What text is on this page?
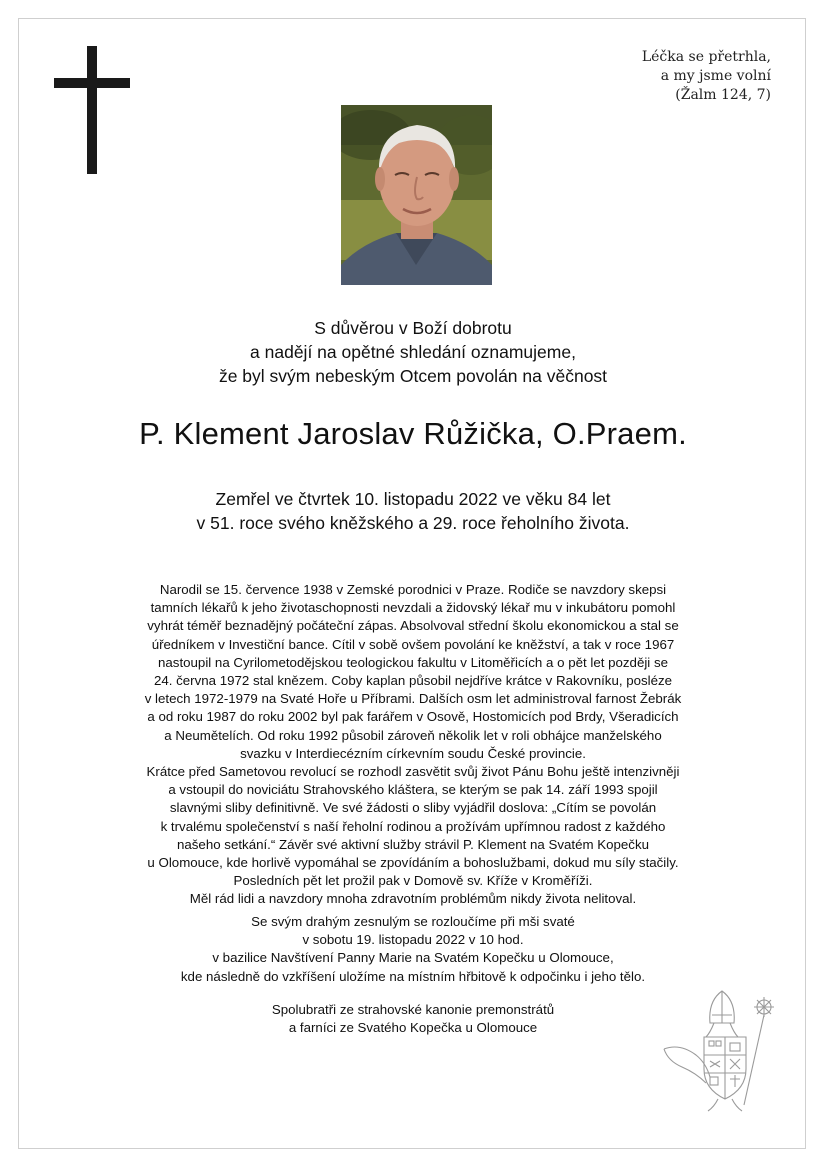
Léčka se přetrhla,
a my jsme volní
(Žalm 124, 7)
S důvěrou v Boží dobrotu
a nadějí na opětné shledání oznamujeme,
že byl svým nebeským Otcem povolán na věčnost
P. Klement Jaroslav Růžička, O.Praem.
Zemřel ve čtvrtek 10. listopadu 2022 ve věku 84 let
v 51. roce svého kněžského a 29. roce řeholního života.
Narodil se 15. července 1938 v Zemské porodnici v Praze. Rodiče se navzdory skepsi
tamních lékařů k jeho životaschopnosti nevzdali a židovský lékař mu v inkubátoru pomohl
vyhrát téměř beznadějný počáteční zápas. Absolvoval střední školu ekonomickou a stal se
úředníkem v Investiční bance. Cítil v sobě ovšem povolání ke kněžství, a tak v roce 1967
nastoupil na Cyrilometodějskou teologickou fakultu v Litoměřicích a o pět let později se
24. června 1972 stal knězem. Coby kaplan působil nejdříve krátce v Rakovníku, posléze
v letech 1972-1979 na Svaté Hoře u Příbrami. Dalších osm let administroval farnost Žebrák
a od roku 1987 do roku 2002 byl pak farářem v Osově, Hostomicích pod Brdy, Všeradicích
a Neumětelích. Od roku 1992 působil zároveň několik let v roli obhájce manželského
svazku v Interdiecézním církevním soudu České provincie.
Krátce před Sametovou revolucí se rozhodl zasvětit svůj život Pánu Bohu ještě intenzivněji
a vstoupil do noviciátu Strahovského kláštera, se kterým se pak 14. září 1993 spojil
slavnými sliby definitivně. Ve své žádosti o sliby vyjádřil doslova: „Cítím se povolán
k trvalému společenství s naší řeholní rodinou a prožívám upřímnou radost z každého
našeho setkání.“ Závěr své aktivní služby strávil P. Klement na Svatém Kopečku
u Olomouce, kde horlivě vypomáhal se zpovídáním a bohoslužbami, dokud mu síly stačily.
Posledních pět let prožil pak v Domově sv. Kříže v Kroměříži.
Měl rád lidi a navzdory mnoha zdravotním problémům nikdy života nelitoval.
Se svým drahým zesnulým se rozloučíme při mši svaté
v sobotu 19. listopadu 2022 v 10 hod.
v bazilice Navštívení Panny Marie na Svatém Kopečku u Olomouce,
kde následně do vzkříšení uložíme na místním hřbitově k odpočinku i jeho tělo.
Spolubratři ze strahovské kanonie premonstrátů
a farníci ze Svatého Kopečka u Olomouce
